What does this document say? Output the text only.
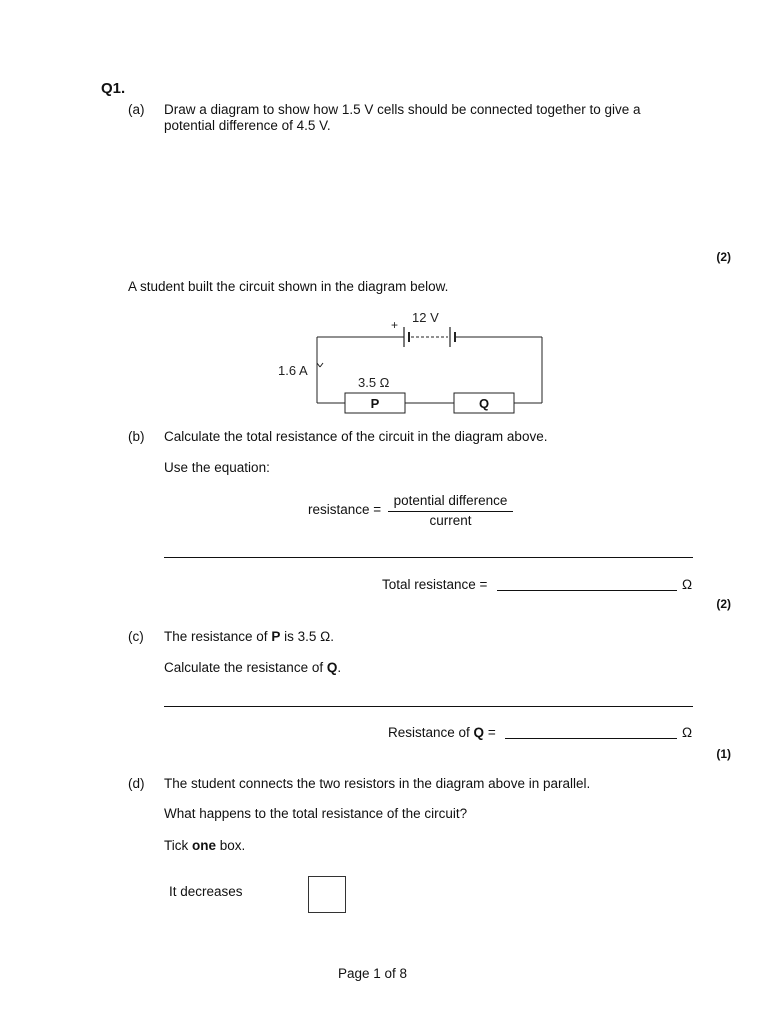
Q1.
(a) Draw a diagram to show how 1.5 V cells should be connected together to give a
potential difference of 4.5 V.
(2)
A student built the circuit shown in the diagram below.
+ 12 V
1.6 A
3.5 Ω
P	Q
(b) Calculate the total resistance of the circuit in the diagram above.
Use the equation:
resistance =
potential difference
current
Total resistance =	Ω
(2)
(c) The resistance of P is 3.5 Ω.
Calculate the resistance of Q.
Resistance of Q =	Ω
(1)
(d) The student connects the two resistors in the diagram above in parallel.
What happens to the total resistance of the circuit?
Tick one box.
It decreases
Page 1 of 8
